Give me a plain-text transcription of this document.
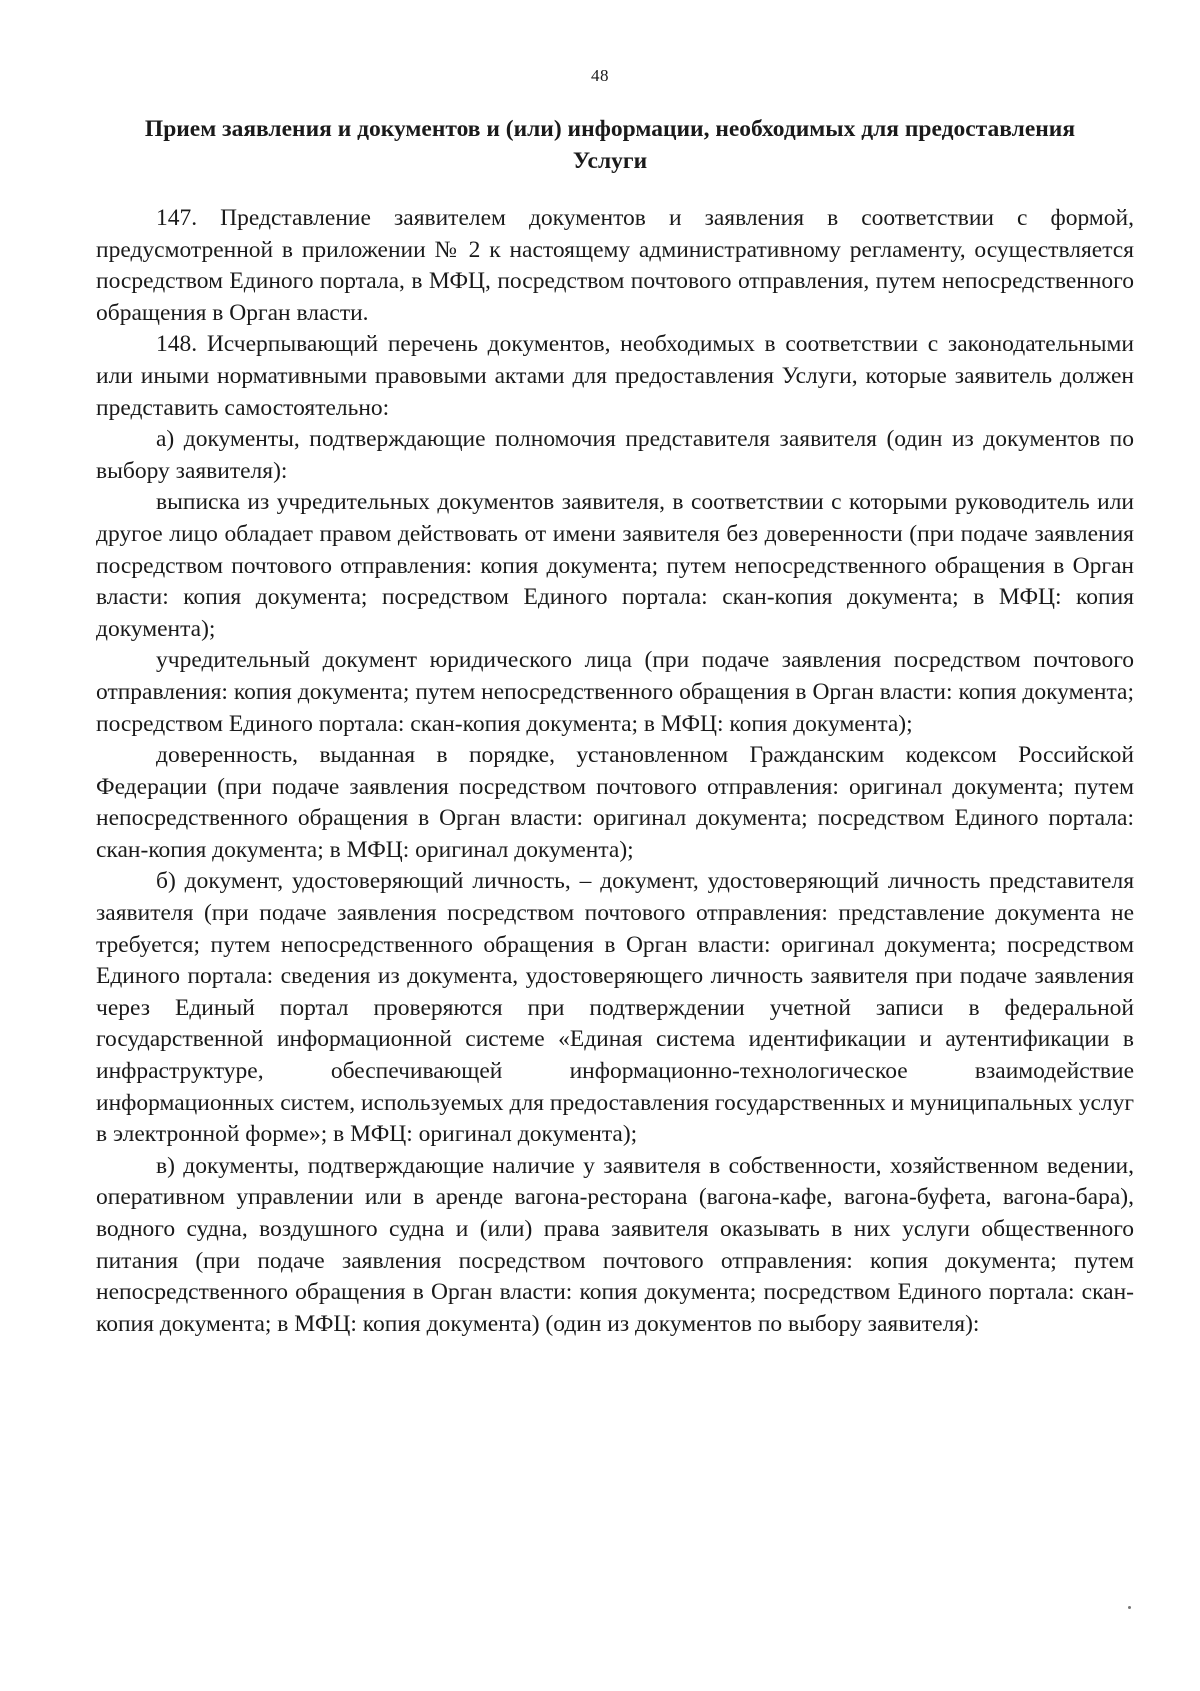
48
Прием заявления и документов и (или) информации, необходимых для предоставления Услуги

147. Представление заявителем документов и заявления в соответствии с формой, предусмотренной в приложении № 2 к настоящему административному регламенту, осуществляется посредством Единого портала, в МФЦ, посредством почтового отправления, путем непосредственного обращения в Орган власти.

148. Исчерпывающий перечень документов, необходимых в соответствии с законодательными или иными нормативными правовыми актами для предоставления Услуги, которые заявитель должен представить самостоятельно:

а) документы, подтверждающие полномочия представителя заявителя (один из документов по выбору заявителя):

выписка из учредительных документов заявителя, в соответствии с которыми руководитель или другое лицо обладает правом действовать от имени заявителя без доверенности (при подаче заявления посредством почтового отправления: копия документа; путем непосредственного обращения в Орган власти: копия документа; посредством Единого портала: скан-копия документа; в МФЦ: копия документа);

учредительный документ юридического лица (при подаче заявления посредством почтового отправления: копия документа; путем непосредственного обращения в Орган власти: копия документа; посредством Единого портала: скан-копия документа; в МФЦ: копия документа);

доверенность, выданная в порядке, установленном Гражданским кодексом Российской Федерации (при подаче заявления посредством почтового отправления: оригинал документа; путем непосредственного обращения в Орган власти: оригинал документа; посредством Единого портала: скан-копия документа; в МФЦ: оригинал документа);

б) документ, удостоверяющий личность, – документ, удостоверяющий личность представителя заявителя (при подаче заявления посредством почтового отправления: представление документа не требуется; путем непосредственного обращения в Орган власти: оригинал документа; посредством Единого портала: сведения из документа, удостоверяющего личность заявителя при подаче заявления через Единый портал проверяются при подтверждении учетной записи в федеральной государственной информационной системе «Единая система идентификации и аутентификации в инфраструктуре, обеспечивающей информационно-технологическое взаимодействие информационных систем, используемых для предоставления государственных и муниципальных услуг в электронной форме»; в МФЦ: оригинал документа);

в) документы, подтверждающие наличие у заявителя в собственности, хозяйственном ведении, оперативном управлении или в аренде вагона-ресторана (вагона-кафе, вагона-буфета, вагона-бара), водного судна, воздушного судна и (или) права заявителя оказывать в них услуги общественного питания (при подаче заявления посредством почтового отправления: копия документа; путем непосредственного обращения в Орган власти: копия документа; посредством Единого портала: скан-копия документа; в МФЦ: копия документа) (один из документов по выбору заявителя):
